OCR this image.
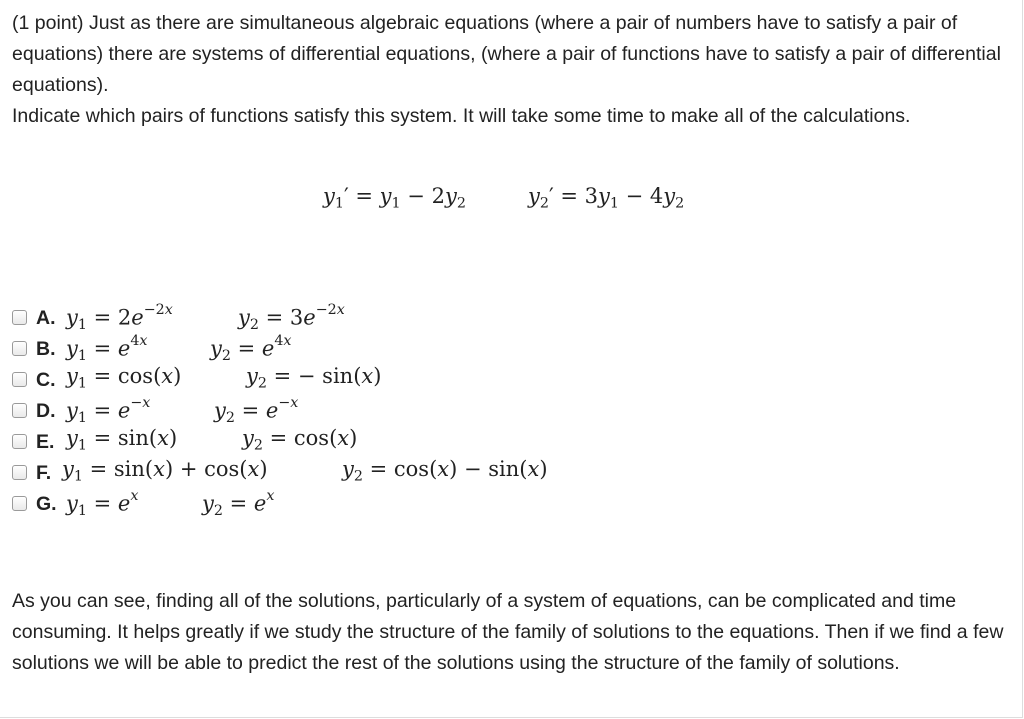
(1 point) Just as there are simultaneous algebraic equations (where a pair of numbers have to satisfy a pair of equations) there are systems of differential equations, (where a pair of functions have to satisfy a pair of differential equations).
Indicate which pairs of functions satisfy this system. It will take some time to make all of the calculations.
$y_1' = y_1 - 2y_2$	$y_2' = 3y_1 - 4y_2$
A. $y_1 = 2e^{-2x}$	$y_2 = 3e^{-2x}$
B. $y_1 = e^{4x}$	$y_2 = e^{4x}$
C. $y_1 = \cos(x)$	$y_2$ = − sin(x)
D. $y_1 = e^{-x}$	$y_2 = e^{-x}$
E. $y_1 = \sin(x)$	$y_2 = \cos(x)$
F. $y_1 = \sin(x) + \cos(x)$	$y_2 = \cos(x) - \sin(x)$
G. $y_1 = e^x$	$y_2 = e^x$
As you can see, finding all of the solutions, particularly of a system of equations, can be complicated and time consuming. It helps greatly if we study the structure of the family of solutions to the equations. Then if we find a few solutions we will be able to predict the rest of the solutions using the structure of the family of solutions.
